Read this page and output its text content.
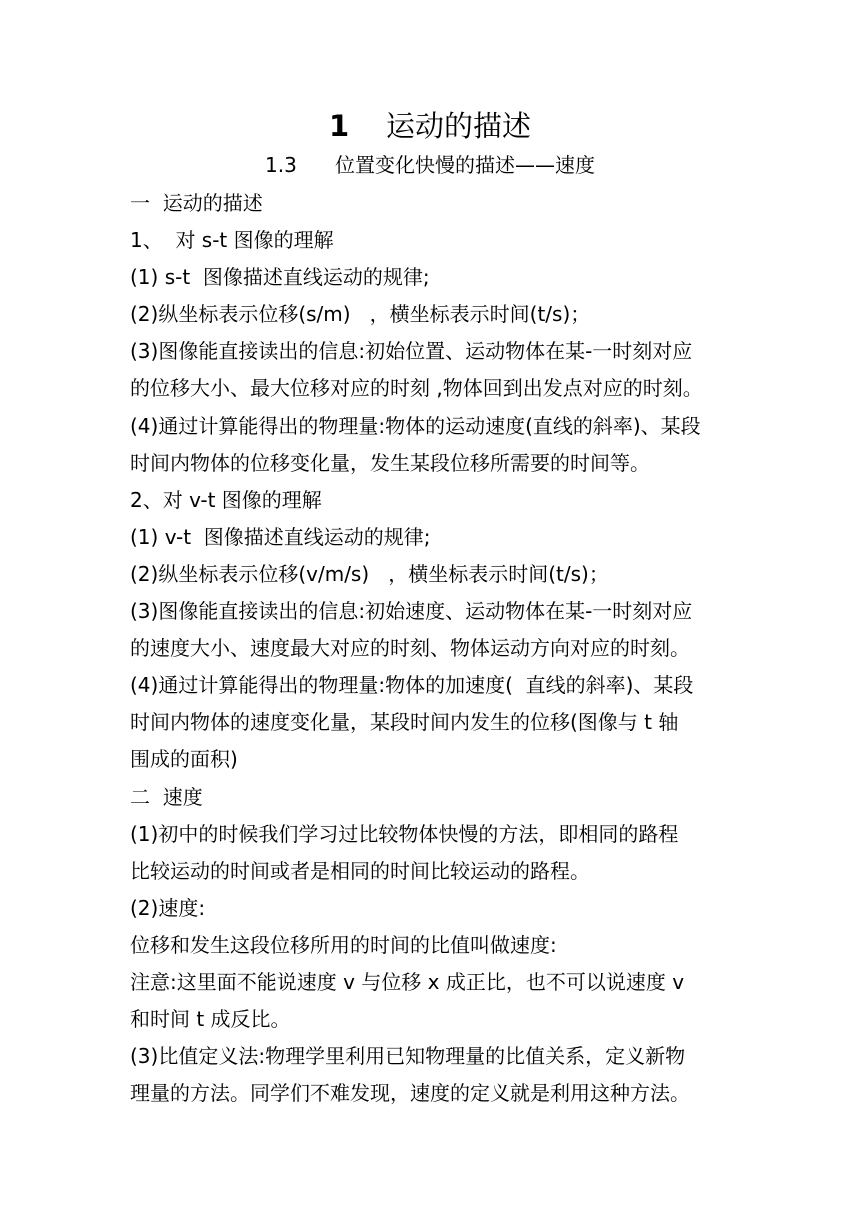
1 运动的描述
1.3      位置变化快慢的描述——速度
一  运动的描述
1、  对 s-t 图像的理解
(1) s-t  图像描述直线运动的规律;
(2)纵坐标表示位移(s/m)   ，横坐标表示时间(t/s)；
(3)图像能直接读出的信息:初始位置、运动物体在某-一时刻对应
的位移大小、最大位移对应的时刻 ,物体回到出发点对应的时刻。
(4)通过计算能得出的物理量:物体的运动速度(直线的斜率)、某段
时间内物体的位移变化量，发生某段位移所需要的时间等。
2、对 v-t 图像的理解
(1) v-t  图像描述直线运动的规律;
(2)纵坐标表示位移(v/m/s)   ，横坐标表示时间(t/s)；
(3)图像能直接读出的信息:初始速度、运动物体在某-一时刻对应
的速度大小、速度最大对应的时刻、物体运动方向对应的时刻。
(4)通过计算能得出的物理量:物体的加速度(  直线的斜率)、某段
时间内物体的速度变化量，某段时间内发生的位移(图像与 t 轴
围成的面积)
二  速度
(1)初中的时候我们学习过比较物体快慢的方法，即相同的路程
比较运动的时间或者是相同的时间比较运动的路程。
(2)速度:
位移和发生这段位移所用的时间的比值叫做速度:
注意:这里面不能说速度 v 与位移 x 成正比，也不可以说速度 v
和时间 t 成反比。
(3)比值定义法:物理学里利用已知物理量的比值关系，定义新物
理量的方法。同学们不难发现，速度的定义就是利用这种方法。
